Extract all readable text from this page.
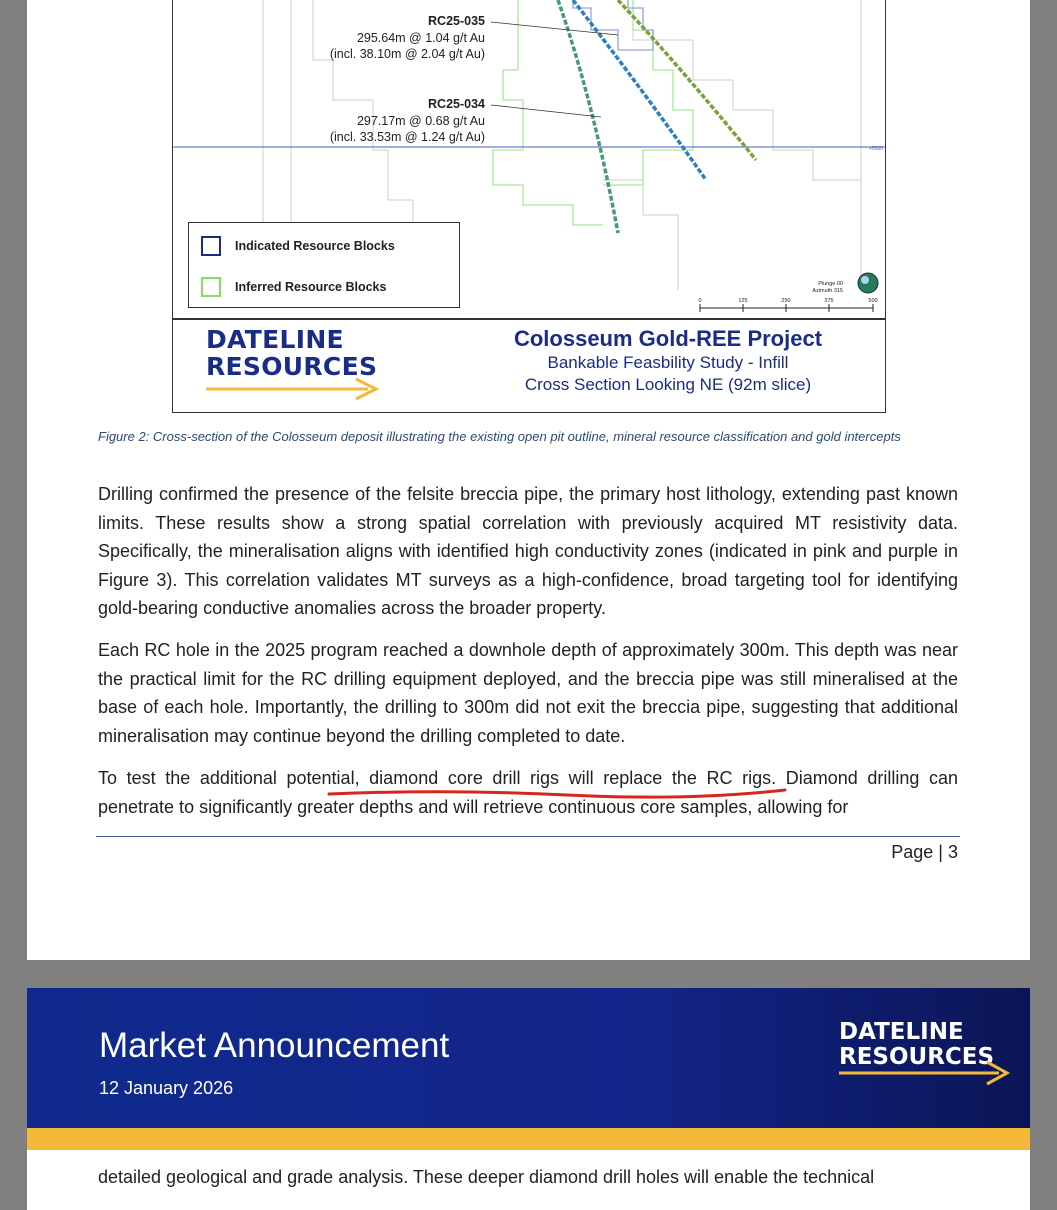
+5000
RC25-035
295.64m @ 1.04 g/t Au
(incl. 38.10m @ 2.04 g/t Au)
RC25-034
297.17m @ 0.68 g/t Au
(incl. 33.53m @ 1.24 g/t Au)
Plunge 00
Azimuth 315
0	125	250	375	500
Indicated Resource Blocks
Inferred Resource Blocks
DATELINE
RESOURCES
Colosseum Gold-REE Project
Bankable Feasbility Study - Infill
Cross Section Looking NE (92m slice)
Figure 2: Cross-section of the Colosseum deposit illustrating the existing open pit outline, mineral resource classification and gold intercepts
Drilling confirmed the presence of the felsite breccia pipe, the primary host lithology, extending past known limits. These results show a strong spatial correlation with previously acquired MT resistivity data. Specifically, the mineralisation aligns with identified high conductivity zones (indicated in pink and purple in Figure 3). This correlation validates MT surveys as a high-confidence, broad targeting tool for identifying gold-bearing conductive anomalies across the broader property.
Each RC hole in the 2025 program reached a downhole depth of approximately 300m. This depth was near the practical limit for the RC drilling equipment deployed, and the breccia pipe was still mineralised at the base of each hole. Importantly, the drilling to 300m did not exit the breccia pipe, suggesting that additional mineralisation may continue beyond the drilling completed to date.
To test the additional potential, diamond core drill rigs will replace the RC rigs. Diamond drilling can penetrate to significantly greater depths and will retrieve continuous core samples, allowing for
Page | 3
Market Announcement
12 January 2026
DATELINE
RESOURCES
detailed geological and grade analysis. These deeper diamond drill holes will enable the technical
